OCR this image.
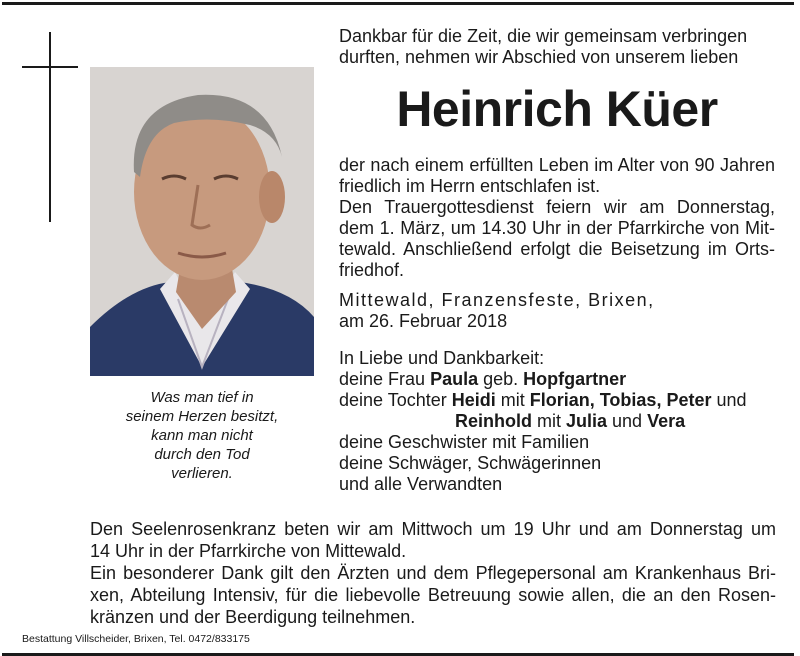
Was man tief in
seinem Herzen besitzt,
kann man nicht
durch den Tod
verlieren.
Dankbar für die Zeit, die wir gemeinsam verbringen
durften, nehmen wir Abschied von unserem lieben
Heinrich Küer
der nach einem erfüllten Leben im Alter von 90 Jahren
friedlich im Herrn entschlafen ist.
Den Trauergottesdienst feiern wir am Donnerstag,
dem 1. März, um 14.30 Uhr in der Pfarrkirche von Mit-
tewald. Anschließend erfolgt die Beisetzung im Orts-
friedhof.
Mittewald, Franzensfeste, Brixen,
am 26. Februar 2018
In Liebe und Dankbarkeit:
deine Frau Paula geb. Hopfgartner
deine Tochter Heidi mit Florian, Tobias, Peter und
Reinhold mit Julia und Vera
deine Geschwister mit Familien
deine Schwäger, Schwägerinnen
und alle Verwandten
Den Seelenrosenkranz beten wir am Mittwoch um 19 Uhr und am Donnerstag um
14 Uhr in der Pfarrkirche von Mittewald.
Ein besonderer Dank gilt den Ärzten und dem Pflegepersonal am Krankenhaus Bri-
xen, Abteilung Intensiv, für die liebevolle Betreuung sowie allen, die an den Rosen-
kränzen und der Beerdigung teilnehmen.
Bestattung Villscheider, Brixen, Tel. 0472/833175
